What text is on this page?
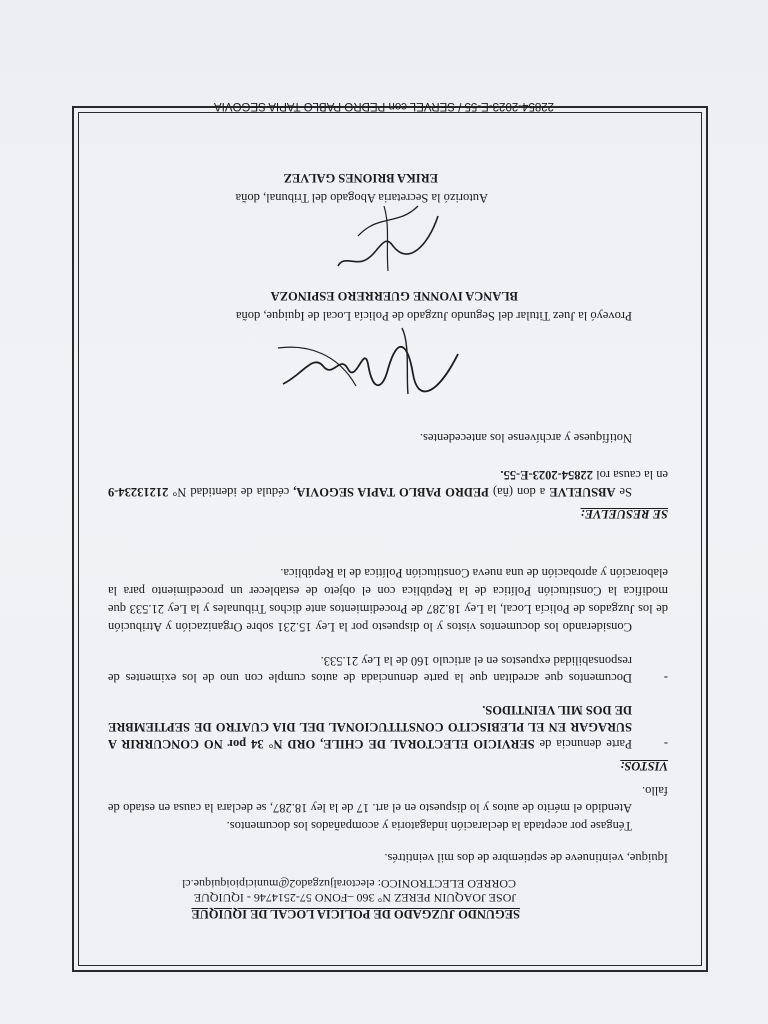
SEGUNDO JUZGADO DE POLICIA LOCAL DE IQUIQUE
JOSE JOAQUIN PEREZ N° 360 –FONO 57-2514746 - IQUIQUE
CORREO ELECTRONICO: electoraljuzgado2@municipioiquique.cl
Iquique, veintinueve de septiembre de dos mil veintitrés.
Téngase por aceptada la declaración indagatoria y acompañados los documentos.
Atendido el mérito de autos y lo dispuesto en el art. 17 de la ley 18.287, se declara la causa en estado de fallo.
VISTOS:
-
Parte denuncia de SERVICIO ELECTORAL DE CHILE, ORD N° 34 por NO CONCURRIR A SURAGAR EN EL PLEBISCITO CONSTITUCIONAL DEL DIA CUATRO DE SEPTIEMBRE DE DOS MIL VEINTIDOS.
-
Documentos que acreditan que la parte denunciada de autos cumple con uno de los eximentes de responsabilidad expuestos en el articulo 160 de la Ley 21.533.
Considerando los documentos vistos y lo dispuesto por la Ley 15.231 sobre Organización y Atribución de los Juzgados de Policía Local, la Ley 18.287 de Procedimientos ante dichos Tribunales y la Ley 21.533 que modifica la Constitución Política de la República con el objeto de establecer un procedimiento para la elaboración y aprobación de una nueva Constitución Política de la República.
SE RESUELVE:
Se ABSUELVE a don (ña) PEDRO PABLO TAPIA SEGOVIA, cédula de identidad N° 21213234-9 en la causa rol 22854-2023-E-55.
Notifíquese y archívense los antecedentes.
Proveyó la Juez Titular del Segundo Juzgado de Policía Local de Iquique, doña
BLANCA IVONNE GUERRERO ESPINOZA
Autorizó la Secretaria Abogado del Tribunal, doña
ERIKA BRIONES GALVEZ
22854-2023-E-55 / SERVEL con PEDRO PABLO TAPIA SEGOVIA
